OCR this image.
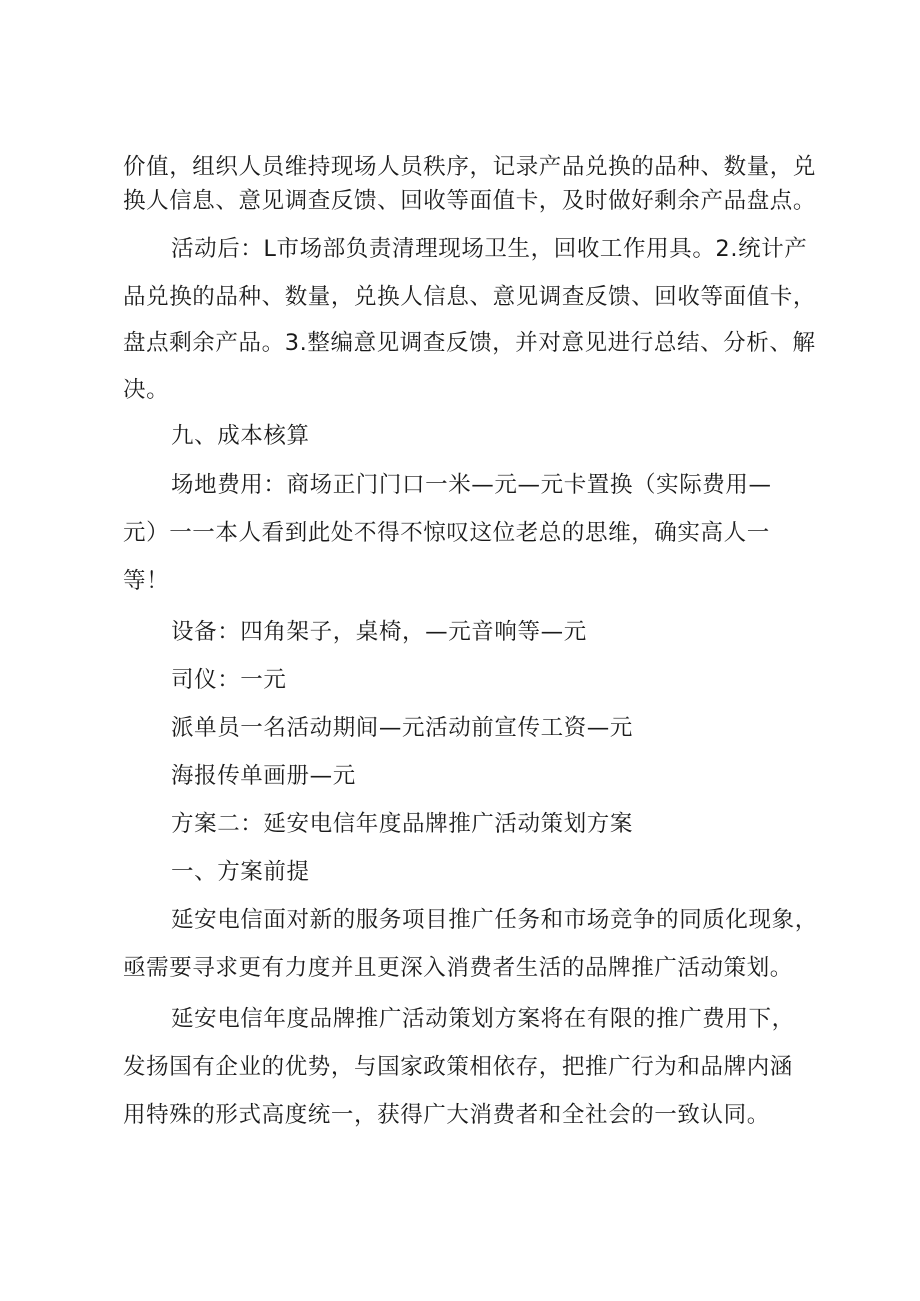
价值，组织人员维持现场人员秩序，记录产品兑换的品种、数量，兑
换人信息、意见调查反馈、回收等面值卡，及时做好剩余产品盘点。
活动后：L市场部负责清理现场卫生，回收工作用具。2.统计产
品兑换的品种、数量，兑换人信息、意见调查反馈、回收等面值卡，
盘点剩余产品。3.整编意见调查反馈，并对意见进行总结、分析、解
决。
九、成本核算
场地费用：商场正门门口一米—元—元卡置换（实际费用—
元）一一本人看到此处不得不惊叹这位老总的思维，确实高人一
等！
设备：四角架子，桌椅，—元音响等—元
司仪：一元
派单员一名活动期间—元活动前宣传工资—元
海报传单画册—元
方案二：延安电信年度品牌推广活动策划方案
一、方案前提
延安电信面对新的服务项目推广任务和市场竞争的同质化现象，
亟需要寻求更有力度并且更深入消费者生活的品牌推广活动策划。
延安电信年度品牌推广活动策划方案将在有限的推广费用下，
发扬国有企业的优势，与国家政策相依存，把推广行为和品牌内涵
用特殊的形式高度统一，获得广大消费者和全社会的一致认同。
